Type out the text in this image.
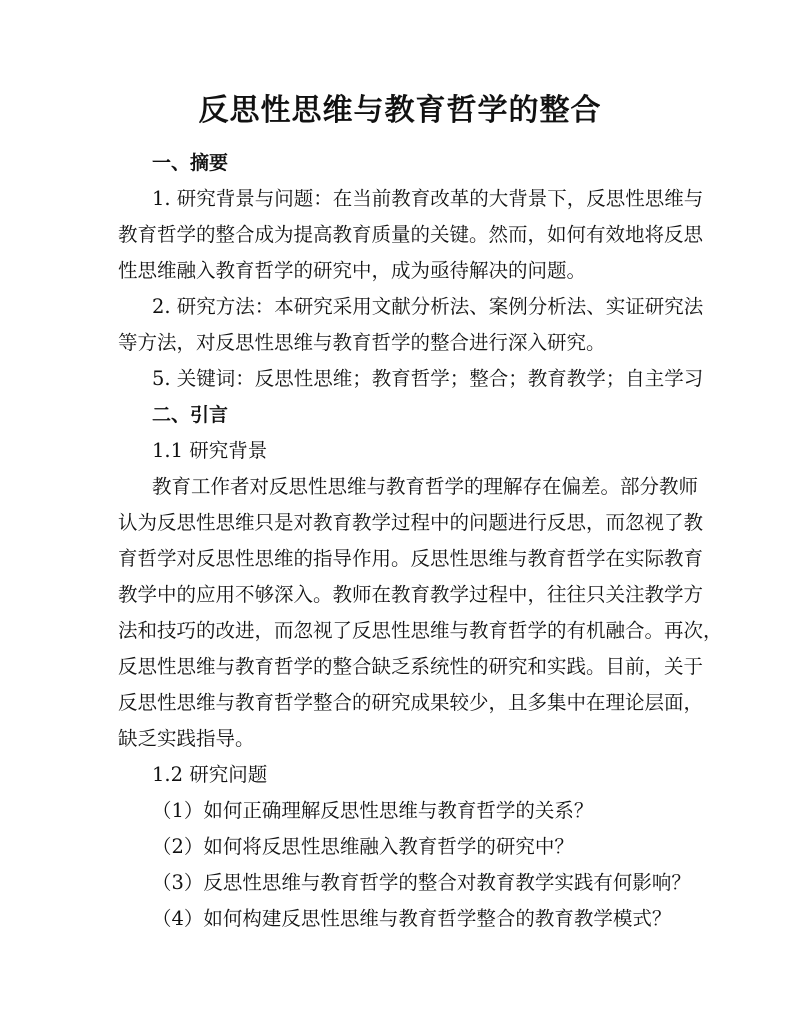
反思性思维与教育哲学的整合
一、摘要
1. 研究背景与问题：在当前教育改革的大背景下，反思性思维与
教育哲学的整合成为提高教育质量的关键。然而，如何有效地将反思
性思维融入教育哲学的研究中，成为亟待解决的问题。
2. 研究方法：本研究采用文献分析法、案例分析法、实证研究法
等方法，对反思性思维与教育哲学的整合进行深入研究。
5. 关键词：反思性思维；教育哲学；整合；教育教学；自主学习
二、引言
1.1 研究背景
教育工作者对反思性思维与教育哲学的理解存在偏差。部分教师
认为反思性思维只是对教育教学过程中的问题进行反思，而忽视了教
育哲学对反思性思维的指导作用。反思性思维与教育哲学在实际教育
教学中的应用不够深入。教师在教育教学过程中，往往只关注教学方
法和技巧的改进，而忽视了反思性思维与教育哲学的有机融合。再次，
反思性思维与教育哲学的整合缺乏系统性的研究和实践。目前，关于
反思性思维与教育哲学整合的研究成果较少，且多集中在理论层面，
缺乏实践指导。
1.2 研究问题
（1）如何正确理解反思性思维与教育哲学的关系？
（2）如何将反思性思维融入教育哲学的研究中？
（3）反思性思维与教育哲学的整合对教育教学实践有何影响？
（4）如何构建反思性思维与教育哲学整合的教育教学模式？
